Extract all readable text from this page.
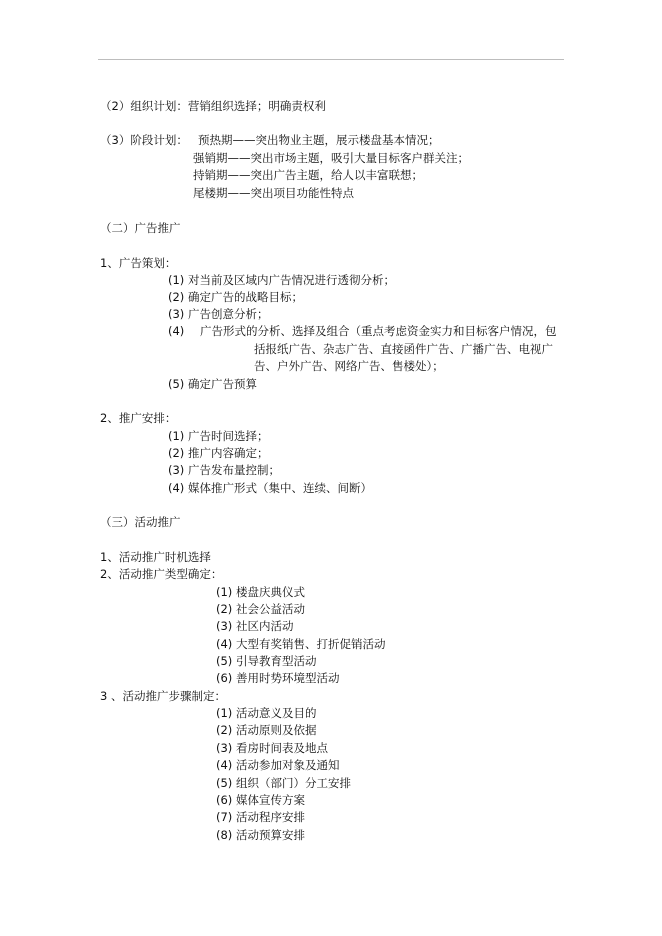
（2）组织计划：营销组织选择；明确责权利
（3）阶段计划： 预热期——突出物业主题，展示楼盘基本情况；
强销期——突出市场主题，吸引大量目标客户群关注；
持销期——突出广告主题，给人以丰富联想；
尾楼期——突出项目功能性特点
（二）广告推广
1、广告策划：
(1) 对当前及区域内广告情况进行透彻分析；
(2) 确定广告的战略目标；
(3) 广告创意分析；
(4) 广告形式的分析、选择及组合（重点考虑资金实力和目标客户情况，包
括报纸广告、杂志广告、直接函件广告、广播广告、电视广
告、户外广告、网络广告、售楼处）；
(5) 确定广告预算
2、推广安排：
(1) 广告时间选择；
(2) 推广内容确定；
(3) 广告发布量控制；
(4) 媒体推广形式（集中、连续、间断）
（三）活动推广
1、活动推广时机选择
2、活动推广类型确定：
(1) 楼盘庆典仪式
(2) 社会公益活动
(3) 社区内活动
(4) 大型有奖销售、打折促销活动
(5) 引导教育型活动
(6) 善用时势环境型活动
3 、活动推广步骤制定：
(1) 活动意义及目的
(2) 活动原则及依据
(3) 看房时间表及地点
(4) 活动参加对象及通知
(5) 组织（部门）分工安排
(6) 媒体宣传方案
(7) 活动程序安排
(8) 活动预算安排
